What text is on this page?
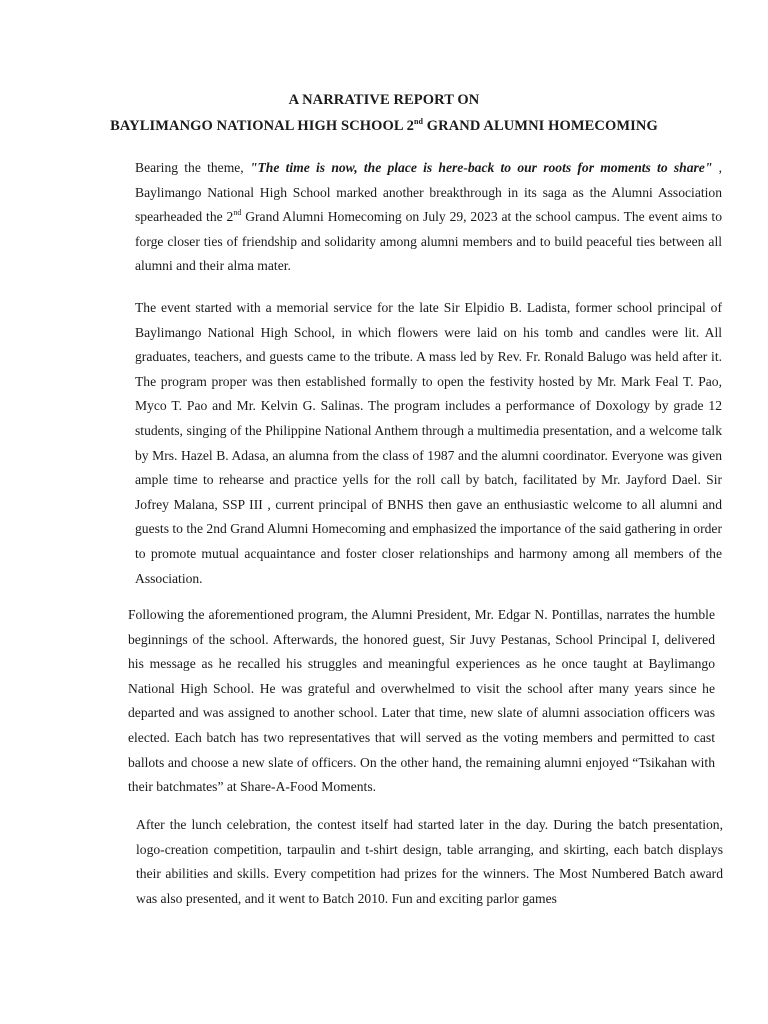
A NARRATIVE REPORT ON
BAYLIMANGO NATIONAL HIGH SCHOOL 2nd GRAND ALUMNI HOMECOMING

Bearing the theme, "The time is now, the place is here-back to our roots for moments to share" , Baylimango National High School marked another breakthrough in its saga as the Alumni Association spearheaded the 2nd Grand Alumni Homecoming on July 29, 2023 at the school campus. The event aims to forge closer ties of friendship and solidarity among alumni members and to build peaceful ties between all alumni and their alma mater.

The event started with a memorial service for the late Sir Elpidio B. Ladista, former school principal of Baylimango National High School, in which flowers were laid on his tomb and candles were lit. All graduates, teachers, and guests came to the tribute. A mass led by Rev. Fr. Ronald Balugo was held after it. The program proper was then established formally to open the festivity hosted by Mr. Mark Feal T. Pao, Myco T. Pao and Mr. Kelvin G. Salinas. The program includes a performance of Doxology by grade 12 students, singing of the Philippine National Anthem through a multimedia presentation, and a welcome talk by Mrs. Hazel B. Adasa, an alumna from the class of 1987 and the alumni coordinator. Everyone was given ample time to rehearse and practice yells for the roll call by batch, facilitated by Mr. Jayford Dael. Sir Jofrey Malana, SSP III , current principal of BNHS then gave an enthusiastic welcome to all alumni and guests to the 2nd Grand Alumni Homecoming and emphasized the importance of the said gathering in order to promote mutual acquaintance and foster closer relationships and harmony among all members of the Association.

Following the aforementioned program, the Alumni President, Mr. Edgar N. Pontillas, narrates the humble beginnings of the school. Afterwards, the honored guest, Sir Juvy Pestanas, School Principal I, delivered his message as he recalled his struggles and meaningful experiences as he once taught at Baylimango National High School. He was grateful and overwhelmed to visit the school after many years since he departed and was assigned to another school. Later that time, new slate of alumni association officers was elected. Each batch has two representatives that will served as the voting members and permitted to cast ballots and choose a new slate of officers. On the other hand, the remaining alumni enjoyed “Tsikahan with their batchmates” at Share-A-Food Moments.

After the lunch celebration, the contest itself had started later in the day. During the batch presentation, logo-creation competition, tarpaulin and t-shirt design, table arranging, and skirting, each batch displays their abilities and skills. Every competition had prizes for the winners. The Most Numbered Batch award was also presented, and it went to Batch 2010. Fun and exciting parlor games
